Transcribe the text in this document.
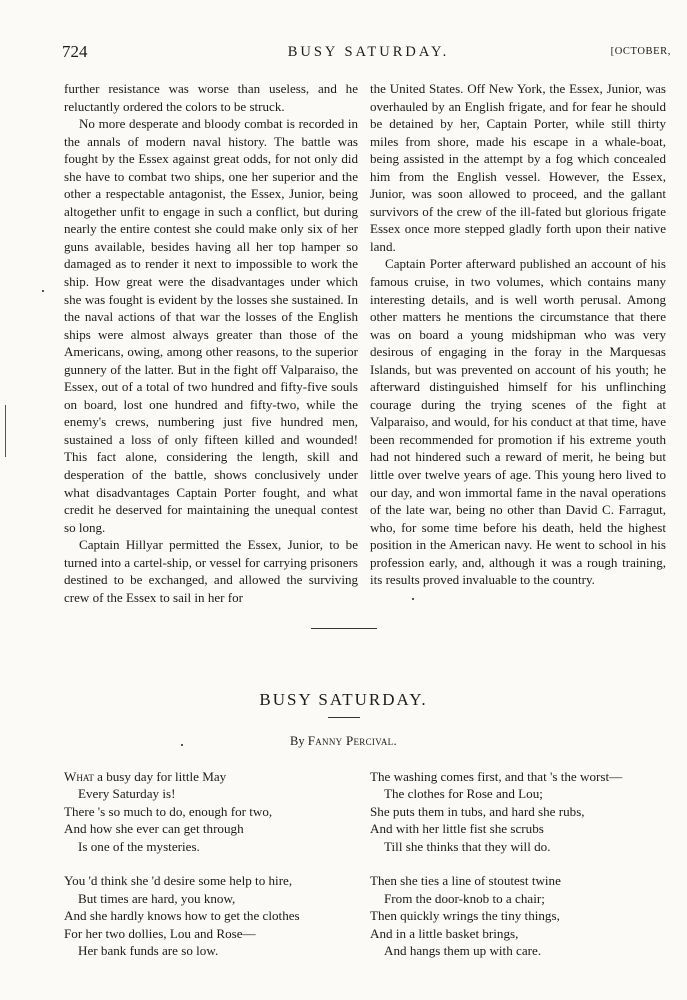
724	BUSY SATURDAY.	[OCTOBER,

further resistance was worse than useless, and he reluctantly ordered the colors to be struck.

No more desperate and bloody combat is recorded in the annals of modern naval history. The battle was fought by the Essex against great odds, for not only did she have to combat two ships, one her superior and the other a respectable antagonist, the Essex, Junior, being altogether unfit to engage in such a conflict, but during nearly the entire contest she could make only six of her guns available, besides having all her top hamper so damaged as to render it next to impossible to work the ship. How great were the disadvantages under which she was fought is evident by the losses she sustained. In the naval actions of that war the losses of the English ships were almost always greater than those of the Americans, owing, among other reasons, to the superior gunnery of the latter. But in the fight off Valparaiso, the Essex, out of a total of two hundred and fifty-five souls on board, lost one hundred and fifty-two, while the enemy's crews, numbering just five hundred men, sustained a loss of only fifteen killed and wounded! This fact alone, considering the length, skill and desperation of the battle, shows conclusively under what disadvantages Captain Porter fought, and what credit he deserved for maintaining the unequal contest so long.

Captain Hillyar permitted the Essex, Junior, to be turned into a cartel-ship, or vessel for carrying prisoners destined to be exchanged, and allowed the surviving crew of the Essex to sail in her for

the United States. Off New York, the Essex, Junior, was overhauled by an English frigate, and for fear he should be detained by her, Captain Porter, while still thirty miles from shore, made his escape in a whale-boat, being assisted in the attempt by a fog which concealed him from the English vessel. However, the Essex, Junior, was soon allowed to proceed, and the gallant survivors of the crew of the ill-fated but glorious frigate Essex once more stepped gladly forth upon their native land.

Captain Porter afterward published an account of his famous cruise, in two volumes, which contains many interesting details, and is well worth perusal. Among other matters he mentions the circumstance that there was on board a young midshipman who was very desirous of engaging in the foray in the Marquesas Islands, but was prevented on account of his youth; he afterward distinguished himself for his unflinching courage during the trying scenes of the fight at Valparaiso, and would, for his conduct at that time, have been recommended for promotion if his extreme youth had not hindered such a reward of merit, he being but little over twelve years of age. This young hero lived to our day, and won immortal fame in the naval operations of the late war, being no other than David C. Farragut, who, for some time before his death, held the highest position in the American navy. He went to school in his profession early, and, although it was a rough training, its results proved invaluable to the country.

BUSY SATURDAY.
By Fanny Percival.
What a busy day for little May
Every Saturday is!
There 's so much to do, enough for two,
And how she ever can get through
Is one of the mysteries.
You 'd think she 'd desire some help to hire,
But times are hard, you know,
And she hardly knows how to get the clothes
For her two dollies, Lou and Rose—
Her bank funds are so low.
The washing comes first, and that 's the worst—
The clothes for Rose and Lou;
She puts them in tubs, and hard she rubs,
And with her little fist she scrubs
Till she thinks that they will do.
Then she ties a line of stoutest twine
From the door-knob to a chair;
Then quickly wrings the tiny things,
And in a little basket brings,
And hangs them up with care.
